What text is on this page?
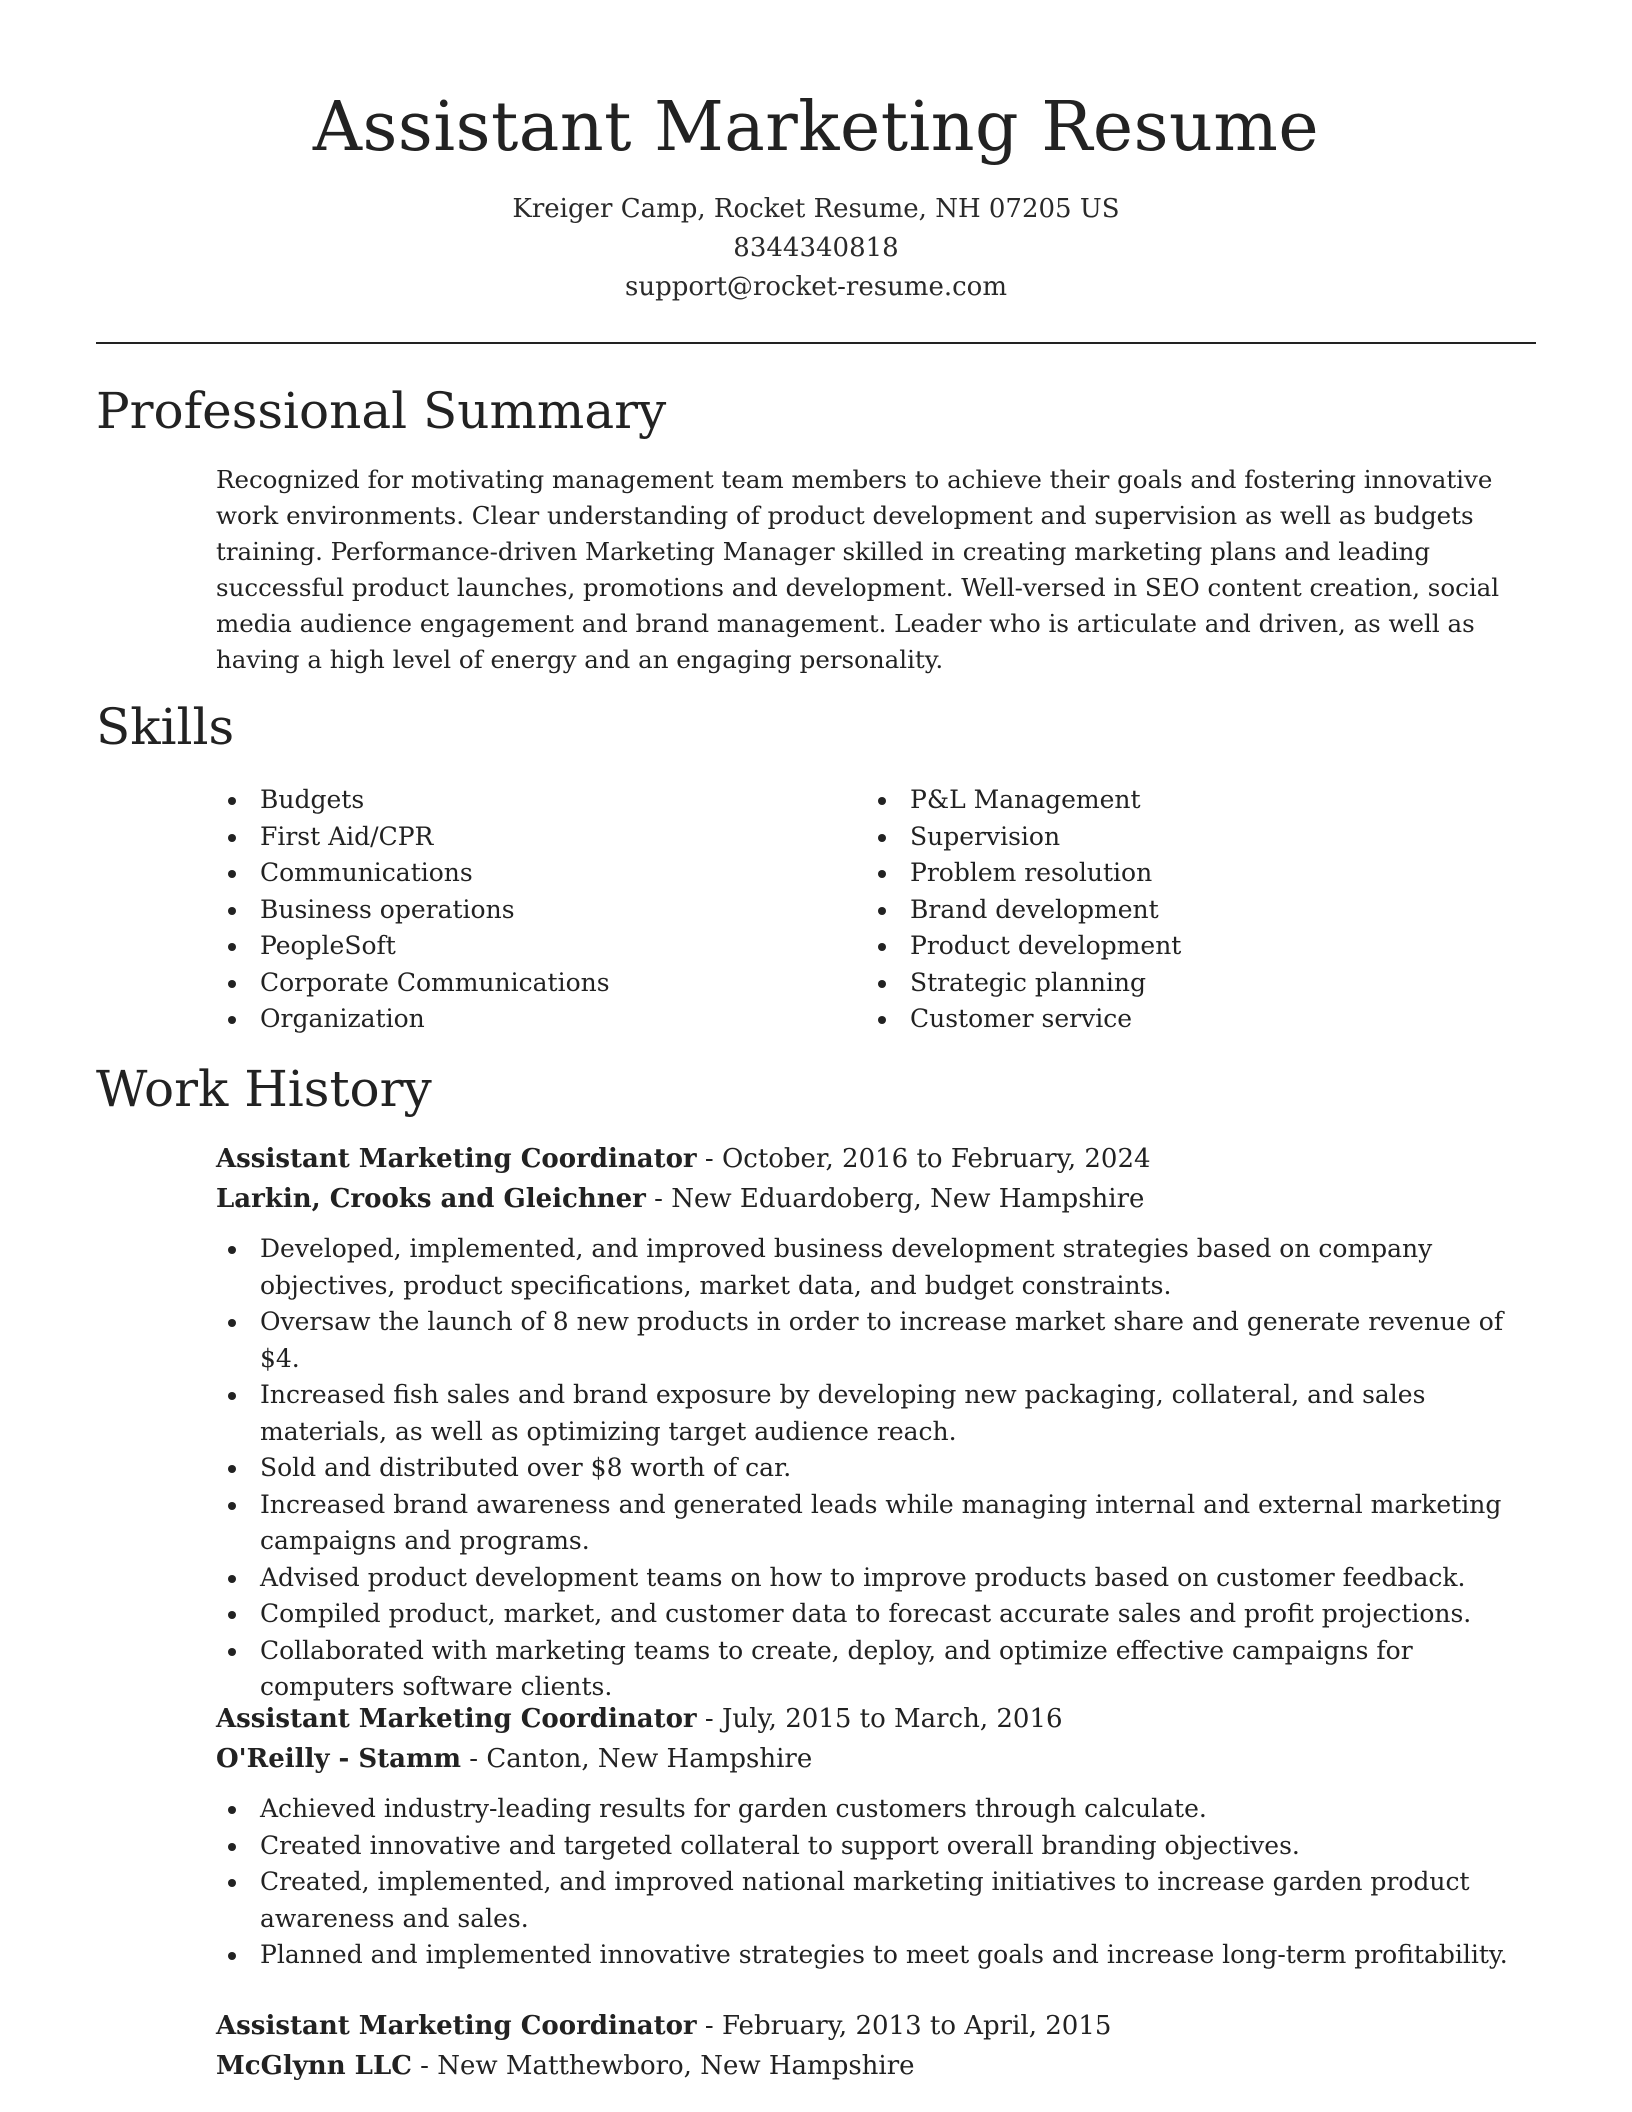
Assistant Marketing Resume
Kreiger Camp, Rocket Resume, NH 07205 US
8344340818
support@rocket-resume.com
Professional Summary

Recognized for motivating management team members to achieve their goals and fostering innovative work environments. Clear understanding of product development and supervision as well as budgets training. Performance-driven Marketing Manager skilled in creating marketing plans and leading successful product launches, promotions and development. Well-versed in SEO content creation, social media audience engagement and brand management. Leader who is articulate and driven, as well as having a high level of energy and an engaging personality.

Skills
Budgets
First Aid/CPR
Communications
Business operations
PeopleSoft
Corporate Communications
Organization
P&L Management
Supervision
Problem resolution
Brand development
Product development
Strategic planning
Customer service
Work History
Assistant Marketing Coordinator - October, 2016 to February, 2024
Larkin, Crooks and Gleichner - New Eduardoberg, New Hampshire
Developed, implemented, and improved business development strategies based on company objectives, product specifications, market data, and budget constraints.
Oversaw the launch of 8 new products in order to increase market share and generate revenue of $4.
Increased fish sales and brand exposure by developing new packaging, collateral, and sales materials, as well as optimizing target audience reach.
Sold and distributed over $8 worth of car.
Increased brand awareness and generated leads while managing internal and external marketing campaigns and programs.
Advised product development teams on how to improve products based on customer feedback.
Compiled product, market, and customer data to forecast accurate sales and profit projections.
Collaborated with marketing teams to create, deploy, and optimize effective campaigns for computers software clients.
Assistant Marketing Coordinator - July, 2015 to March, 2016
O'Reilly - Stamm - Canton, New Hampshire
Achieved industry-leading results for garden customers through calculate.
Created innovative and targeted collateral to support overall branding objectives.
Created, implemented, and improved national marketing initiatives to increase garden product awareness and sales.
Planned and implemented innovative strategies to meet goals and increase long-term profitability.
Assistant Marketing Coordinator - February, 2013 to April, 2015
McGlynn LLC - New Matthewboro, New Hampshire
